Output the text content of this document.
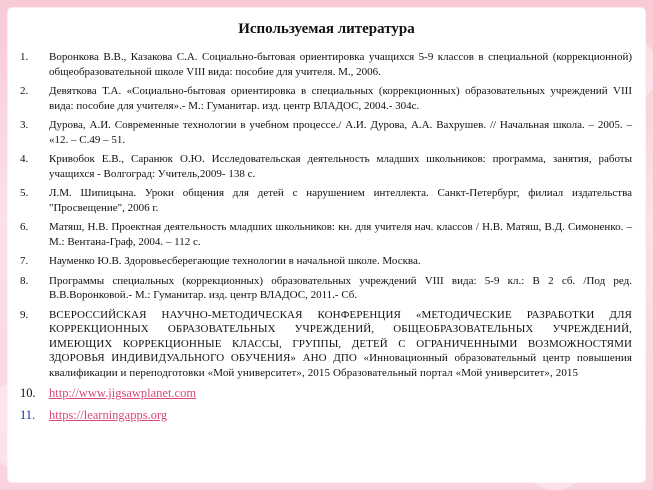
Используемая литература
1.	Воронкова В.В., Казакова С.А. Социально-бытовая ориентировка учащихся 5-9 классов в специальной (коррекционной) общеобразовательной школе VIII вида: пособие для учителя. М., 2006.
2.	Девяткова Т.А. «Социально-бытовая ориентировка в специальных (коррекционных) образовательных учреждений VIII вида: пособие для учителя».- М.: Гуманитар. изд. центр ВЛАДОС, 2004.- 304с.
3.	Дурова, А.И. Современные технологии в учебном процессе./ А.И. Дурова, А.А. Вахрушев. // Начальная школа. – 2005. – «12. – С.49 – 51.
4.	Кривобок Е.В., Саранюк О.Ю. Исследовательская деятельность младших школьников: программа, занятия, работы учащихся - Волгоград: Учитель,2009- 138 с.
5.	Л.М. Шипицына. Уроки общения для детей с нарушением интеллекта. Санкт-Петербург, филиал издательства "Просвещение", 2006 г.
6.	Матяш, Н.В. Проектная деятельность младших школьников: кн. для учителя нач. классов / Н.В. Матяш, В.Д. Симоненко. – М.: Вентана-Граф, 2004. – 112 с.
7.	Науменко Ю.В. Здоровьесберегающие технологии в начальной школе. Москва.
8.	Программы специальных (коррекционных) образовательных учреждений VIII вида: 5-9 кл.: В 2 сб. /Под ред. В.В.Воронковой.- М.: Гуманитар. изд. центр ВЛАДОС, 2011.- Сб.
9.	ВСЕРОССИЙСКАЯ НАУЧНО-МЕТОДИЧЕСКАЯ КОНФЕРЕНЦИЯ «МЕТОДИЧЕСКИЕ РАЗРАБОТКИ ДЛЯ КОРРЕКЦИОННЫХ ОБРАЗОВАТЕЛЬНЫХ УЧРЕЖДЕНИЙ, ОБЩЕОБРАЗОВАТЕЛЬНЫХ УЧРЕЖДЕНИЙ, ИМЕЮЩИХ КОРРЕКЦИОННЫЕ КЛАССЫ, ГРУППЫ, ДЕТЕЙ С ОГРАНИЧЕННЫМИ ВОЗМОЖНОСТЯМИ ЗДОРОВЬЯ ИНДИВИДУАЛЬНОГО ОБУЧЕНИЯ» АНО ДПО «Инновационный образовательный центр повышения квалификации и переподготовки «Мой университет», 2015 Образовательный портал «Мой университет», 2015
10.	http://www.jigsawplanet.com
11.	https://learningapps.org
